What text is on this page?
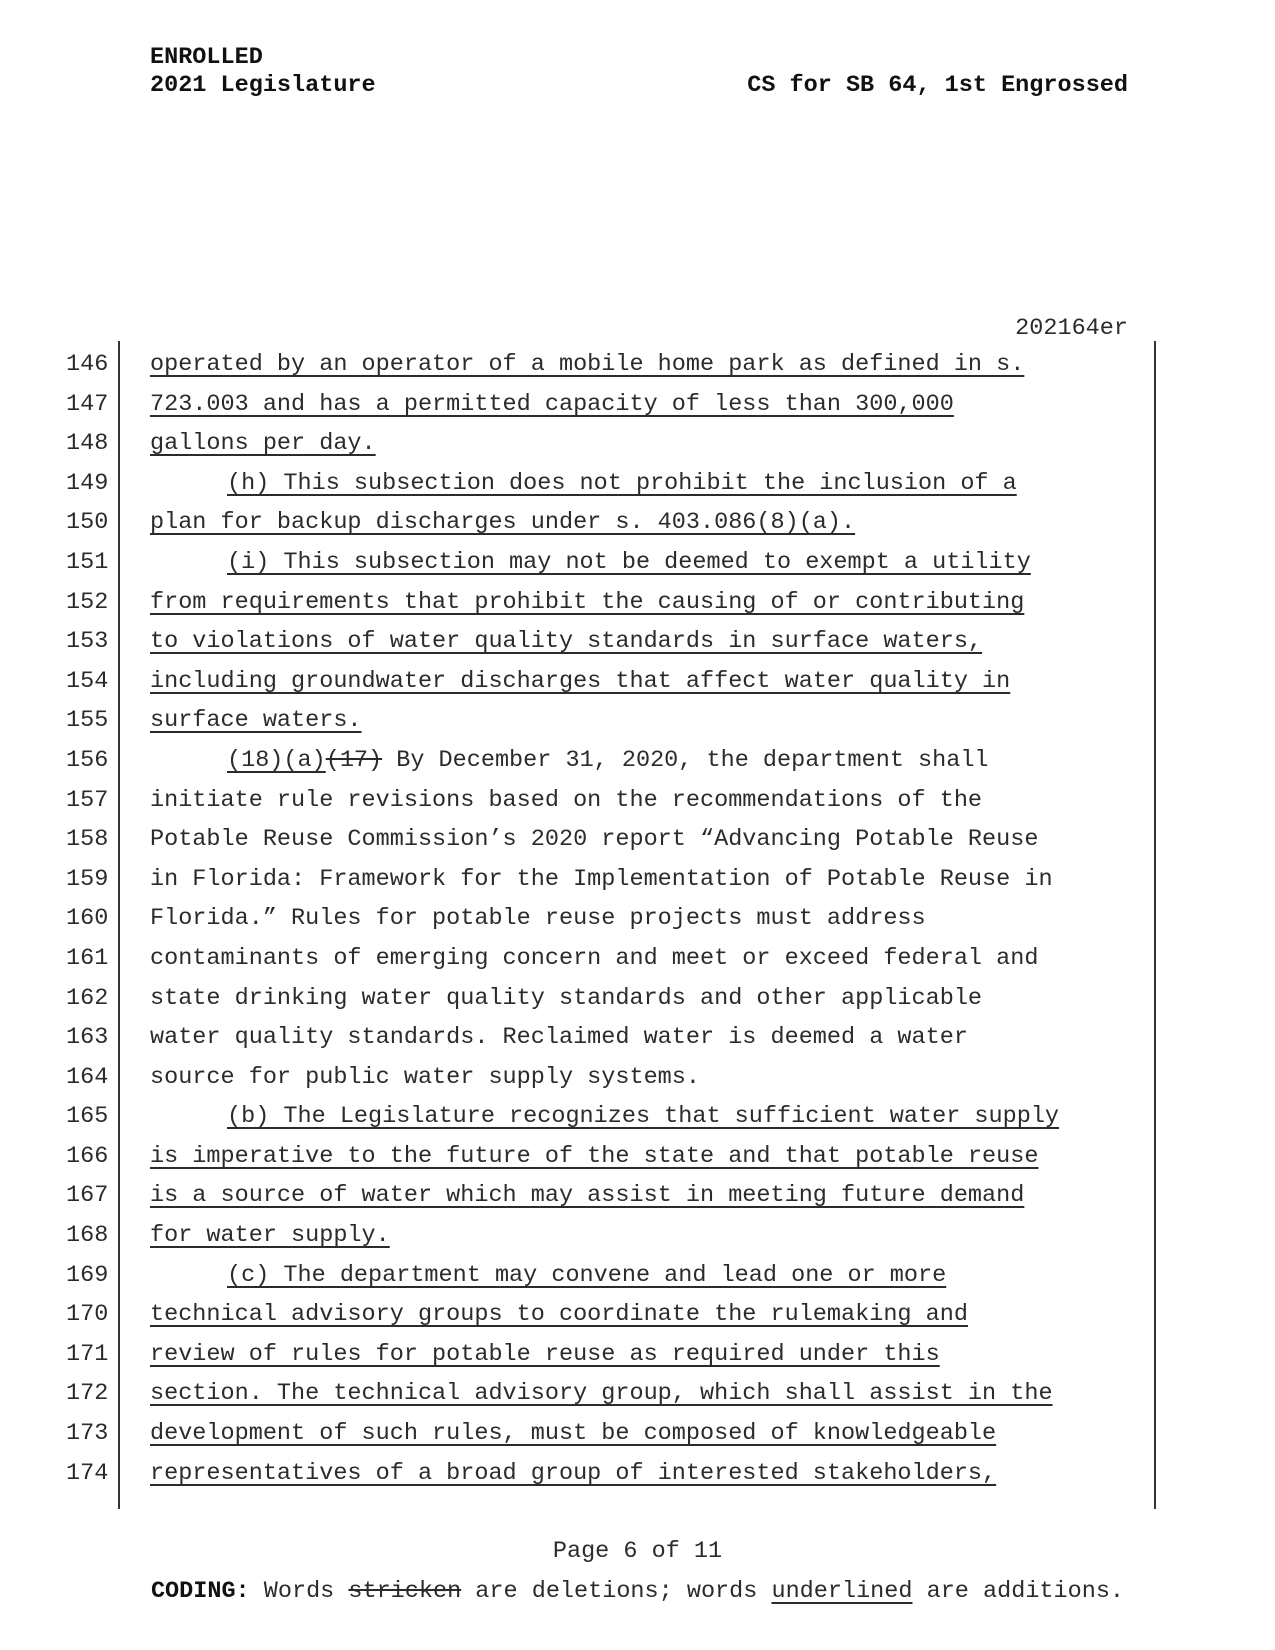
ENROLLED
2021 Legislature	CS for SB 64, 1st Engrossed
202164er
146 operated by an operator of a mobile home park as defined in s.
147 723.003 and has a permitted capacity of less than 300,000
148 gallons per day.
149	(h) This subsection does not prohibit the inclusion of a
150 plan for backup discharges under s. 403.086(8)(a).
151	(i) This subsection may not be deemed to exempt a utility
152 from requirements that prohibit the causing of or contributing
153 to violations of water quality standards in surface waters,
154 including groundwater discharges that affect water quality in
155 surface waters.
156	(18)(a)(17) By December 31, 2020, the department shall
157 initiate rule revisions based on the recommendations of the
158 Potable Reuse Commission’s 2020 report “Advancing Potable Reuse
159 in Florida: Framework for the Implementation of Potable Reuse in
160 Florida.” Rules for potable reuse projects must address
161 contaminants of emerging concern and meet or exceed federal and
162 state drinking water quality standards and other applicable
163 water quality standards. Reclaimed water is deemed a water
164 source for public water supply systems.
165	(b) The Legislature recognizes that sufficient water supply
166 is imperative to the future of the state and that potable reuse
167 is a source of water which may assist in meeting future demand
168 for water supply.
169	(c) The department may convene and lead one or more
170 technical advisory groups to coordinate the rulemaking and
171 review of rules for potable reuse as required under this
172 section. The technical advisory group, which shall assist in the
173 development of such rules, must be composed of knowledgeable
174 representatives of a broad group of interested stakeholders,
Page 6 of 11
CODING: Words stricken are deletions; words underlined are additions.
